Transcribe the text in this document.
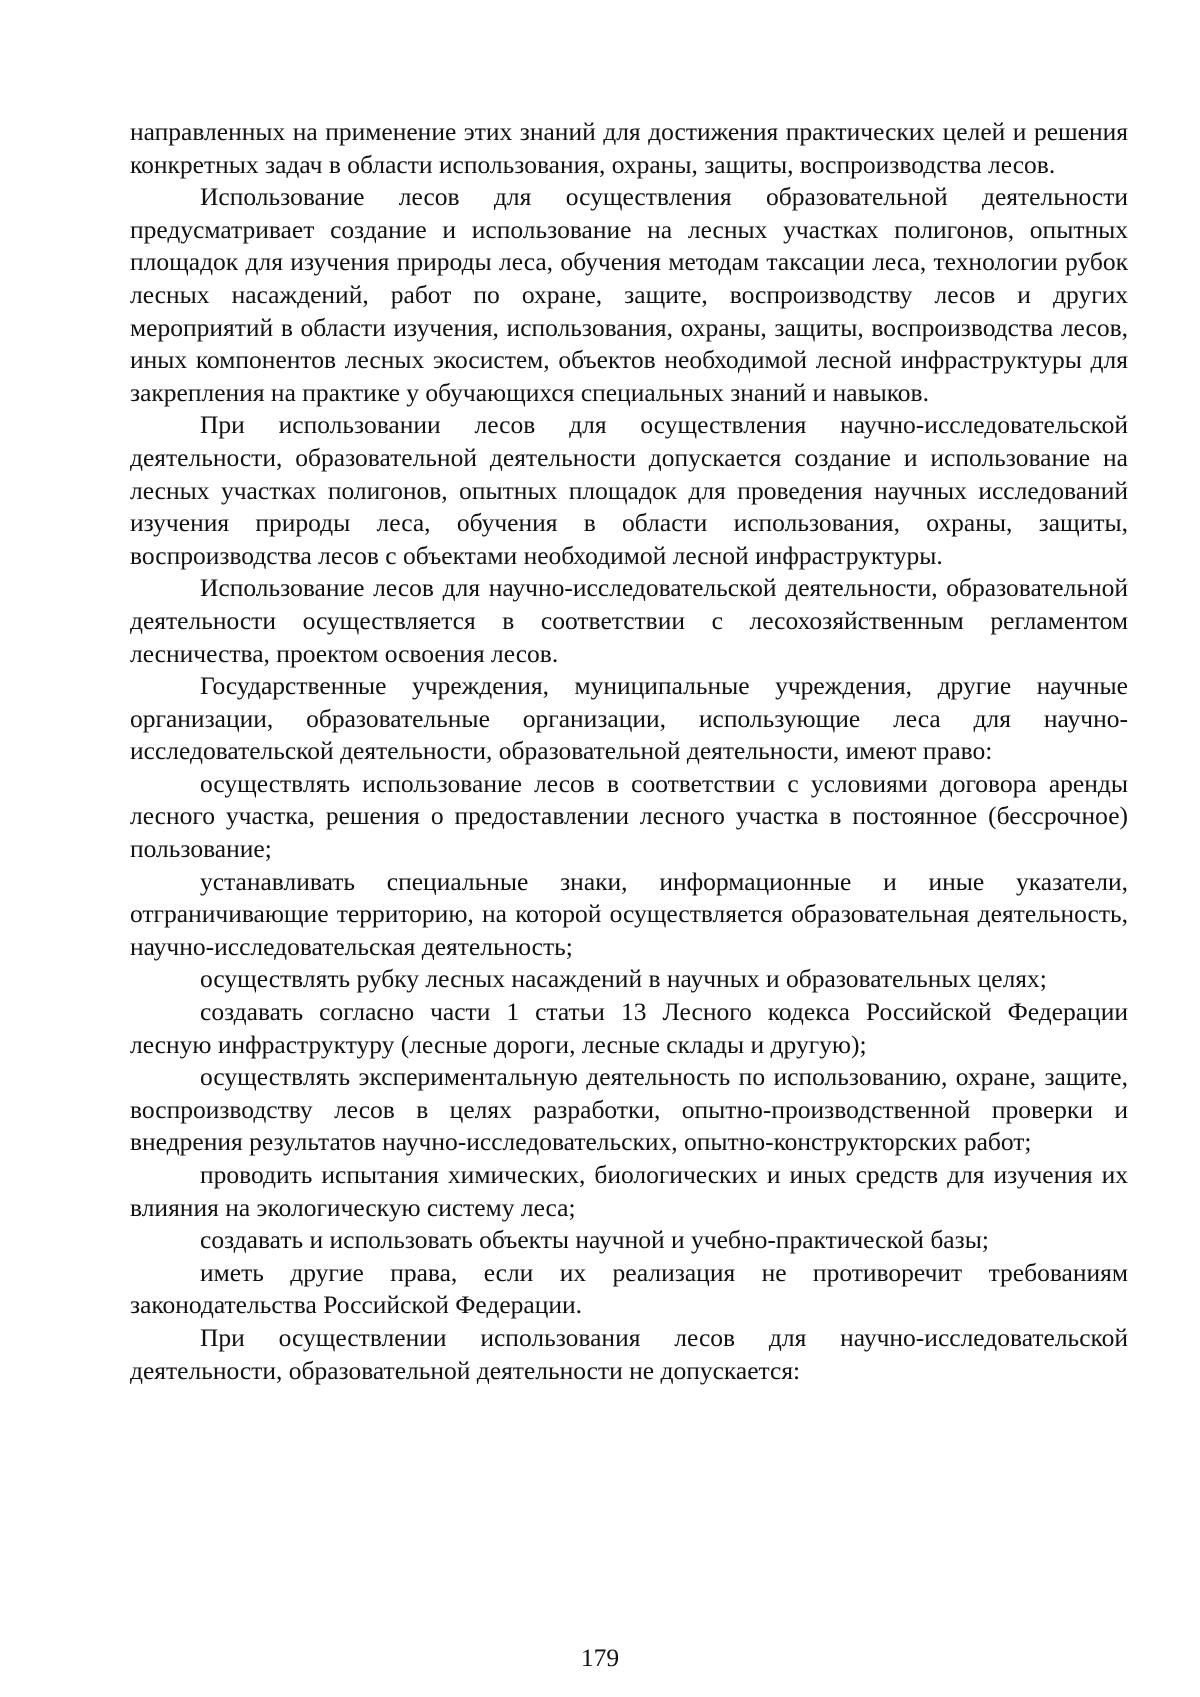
направленных на применение этих знаний для достижения практических целей и решения конкретных задач в области использования, охраны, защиты, воспроизводства лесов.

Использование лесов для осуществления образовательной деятельности предусматривает создание и использование на лесных участках полигонов, опытных площадок для изучения природы леса, обучения методам таксации леса, технологии рубок лесных насаждений, работ по охране, защите, воспроизводству лесов и других мероприятий в области изучения, использования, охраны, защиты, воспроизводства лесов, иных компонентов лесных экосистем, объектов необходимой лесной инфраструктуры для закрепления на практике у обучающихся специальных знаний и навыков.

При использовании лесов для осуществления научно-исследовательской деятельности, образовательной деятельности допускается создание и использование на лесных участках полигонов, опытных площадок для проведения научных исследований изучения природы леса, обучения в области использования, охраны, защиты, воспроизводства лесов с объектами необходимой лесной инфраструктуры.

Использование лесов для научно-исследовательской деятельности, образовательной деятельности осуществляется в соответствии с лесохозяйственным регламентом лесничества, проектом освоения лесов.

Государственные учреждения, муниципальные учреждения, другие научные организации, образовательные организации, использующие леса для научно-исследовательской деятельности, образовательной деятельности, имеют право:

осуществлять использование лесов в соответствии с условиями договора аренды лесного участка, решения о предоставлении лесного участка в постоянное (бессрочное) пользование;

устанавливать специальные знаки, информационные и иные указатели, отграничивающие территорию, на которой осуществляется образовательная деятельность, научно-исследовательская деятельность;

осуществлять рубку лесных насаждений в научных и образовательных целях;

создавать согласно части 1 статьи 13 Лесного кодекса Российской Федерации лесную инфраструктуру (лесные дороги, лесные склады и другую);

осуществлять экспериментальную деятельность по использованию, охране, защите, воспроизводству лесов в целях разработки, опытно-производственной проверки и внедрения результатов научно-исследовательских, опытно-конструкторских работ;

проводить испытания химических, биологических и иных средств для изучения их влияния на экологическую систему леса;

создавать и использовать объекты научной и учебно-практической базы;

иметь другие права, если их реализация не противоречит требованиям законодательства Российской Федерации.

При осуществлении использования лесов для научно-исследовательской деятельности, образовательной деятельности не допускается:

179
